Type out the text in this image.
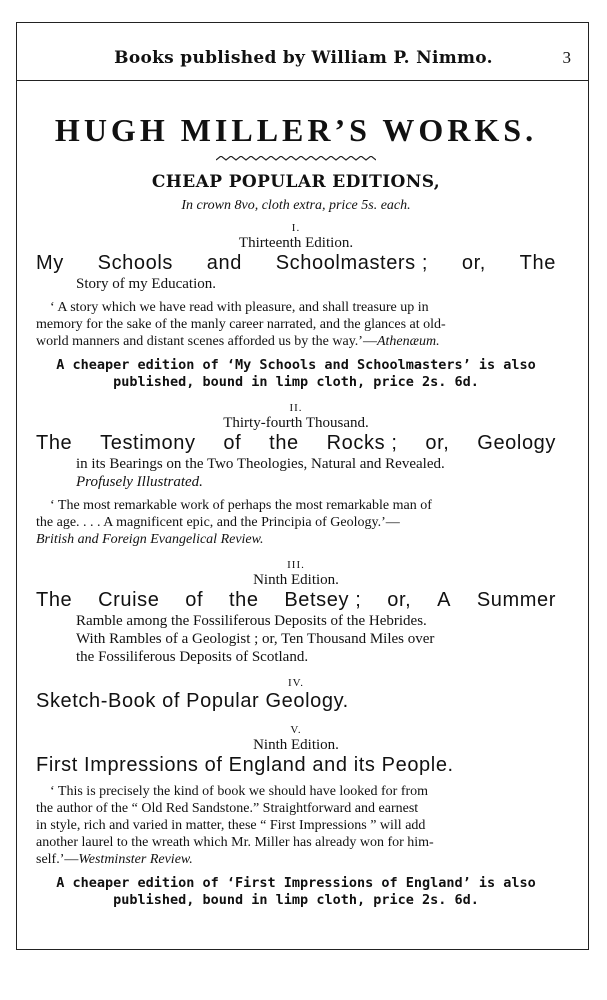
Books published by William P. Nimmo.	3
HUGH MILLER’S WORKS.

CHEAP POPULAR EDITIONS,

In crown 8vo, cloth extra, price 5s. each.

I.

Thirteenth Edition.

My Schools and Schoolmasters ; or, The

Story of my Education.

‘ A story which we have read with pleasure, and shall treasure up in
memory for the sake of the manly career narrated, and the glances at old-
world manners and distant scenes afforded us by the way.’—Athenæum.
A cheaper edition of ‘My Schools and Schoolmasters’ is also
published, bound in limp cloth, price 2s. 6d.

II.

Thirty-fourth Thousand.

The Testimony of the Rocks ; or, Geology

in its Bearings on the Two Theologies, Natural and Revealed.

Profusely Illustrated.

‘ The most remarkable work of perhaps the most remarkable man of
the age. . . . A magnificent epic, and the Principia of Geology.’—
British and Foreign Evangelical Review.

III.

Ninth Edition.

The Cruise of the Betsey ; or, A Summer

Ramble among the Fossiliferous Deposits of the Hebrides.

With Rambles of a Geologist ; or, Ten Thousand Miles over

the Fossiliferous Deposits of Scotland.

IV.

Sketch-Book of Popular Geology.

V.

Ninth Edition.

First Impressions of England and its People.

‘ This is precisely the kind of book we should have looked for from
the author of the “ Old Red Sandstone.” Straightforward and earnest
in style, rich and varied in matter, these “ First Impressions ” will add
another laurel to the wreath which Mr. Miller has already won for him-
self.’—Westminster Review.
A cheaper edition of ‘First Impressions of England’ is also
published, bound in limp cloth, price 2s. 6d.
